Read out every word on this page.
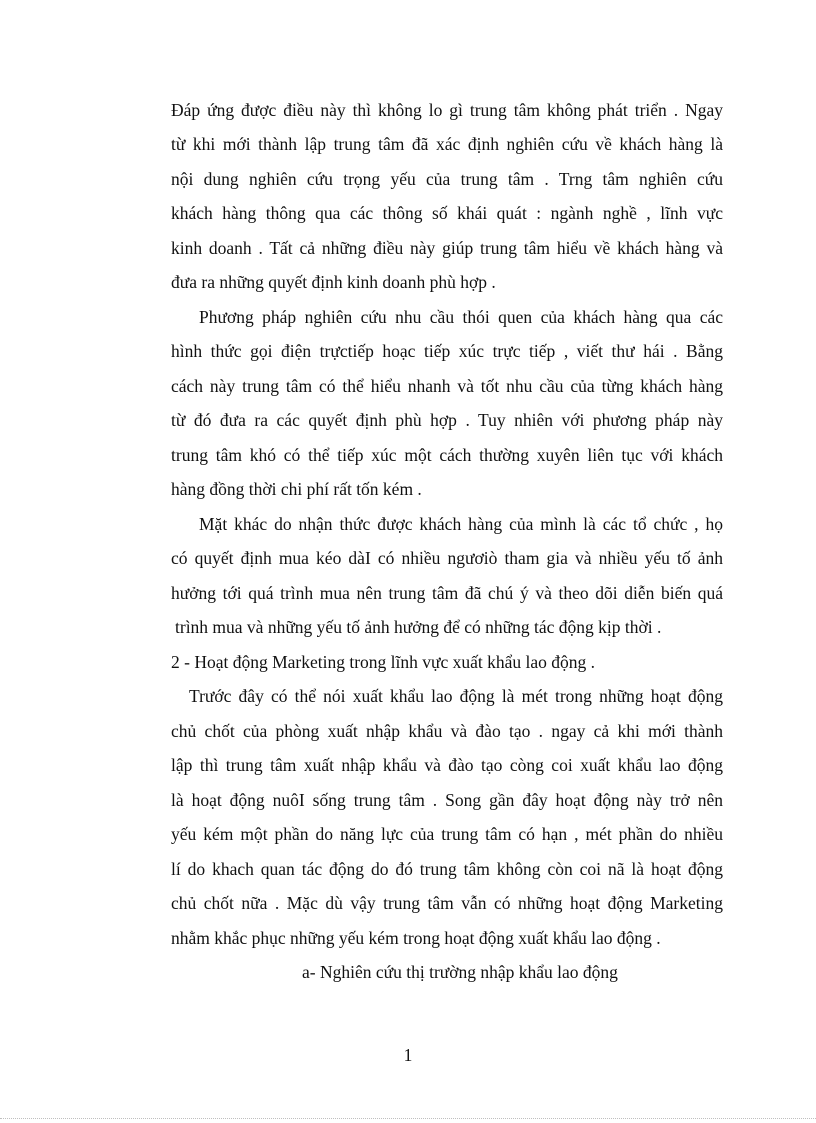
Đáp ứng được điều này thì không lo gì trung tâm không phát triển . Ngay
từ khi mới thành lập trung tâm đã xác định nghiên cứu về khách hàng là
nội dung nghiên cứu trọng yếu của trung tâm . Trng tâm nghiên cứu
khách hàng thông qua các thông số khái quát : ngành nghề , lĩnh vực
kinh doanh . Tất cả những điều này giúp trung tâm hiểu về khách hàng và
đưa ra những quyết định kinh doanh phù hợp .
Phương pháp nghiên cứu nhu cầu thói quen của khách hàng qua các
hình thức gọi điện trựctiếp hoạc tiếp xúc trực tiếp , viết thư hái . Bằng
cách này trung tâm có thể hiểu nhanh và tốt nhu cầu của từng khách hàng
từ đó đưa ra các quyết định phù hợp . Tuy nhiên với phương pháp này
trung tâm khó có thể tiếp xúc một cách thường xuyên liên tục với khách
hàng đồng thời chi phí rất tốn kém .
Mặt khác do nhận thức được khách hàng của mình là các tổ chức , họ
có quyết định mua kéo dàI có nhiều ngươiò tham gia và nhiều yếu tố ảnh
hưởng tới quá trình mua nên trung tâm đã chú ý và theo dõi diễn biến quá
trình mua và những yếu tố ảnh hưởng để có những tác động kịp thời .
2 - Hoạt động Marketing trong lĩnh vực xuất khẩu lao động .
Trước đây có thể nói xuất khẩu lao động là mét trong những hoạt động
chủ chốt của phòng xuất nhập khẩu và đào tạo . ngay cả khi mới thành
lập thì trung tâm xuất nhập khẩu và đào tạo còng coi xuất khẩu lao động
là hoạt động nuôI sống trung tâm . Song gần đây hoạt động này trở nên
yếu kém một phần do năng lực của trung tâm có hạn , mét phần do nhiều
lí do khach quan tác động do đó trung tâm không còn coi nã là hoạt động
chủ chốt nữa . Mặc dù vậy trung tâm vẫn có những hoạt động Marketing
nhằm khắc phục những yếu kém trong hoạt động xuất khẩu lao động .
a- Nghiên cứu thị trường nhập khẩu lao động
1
